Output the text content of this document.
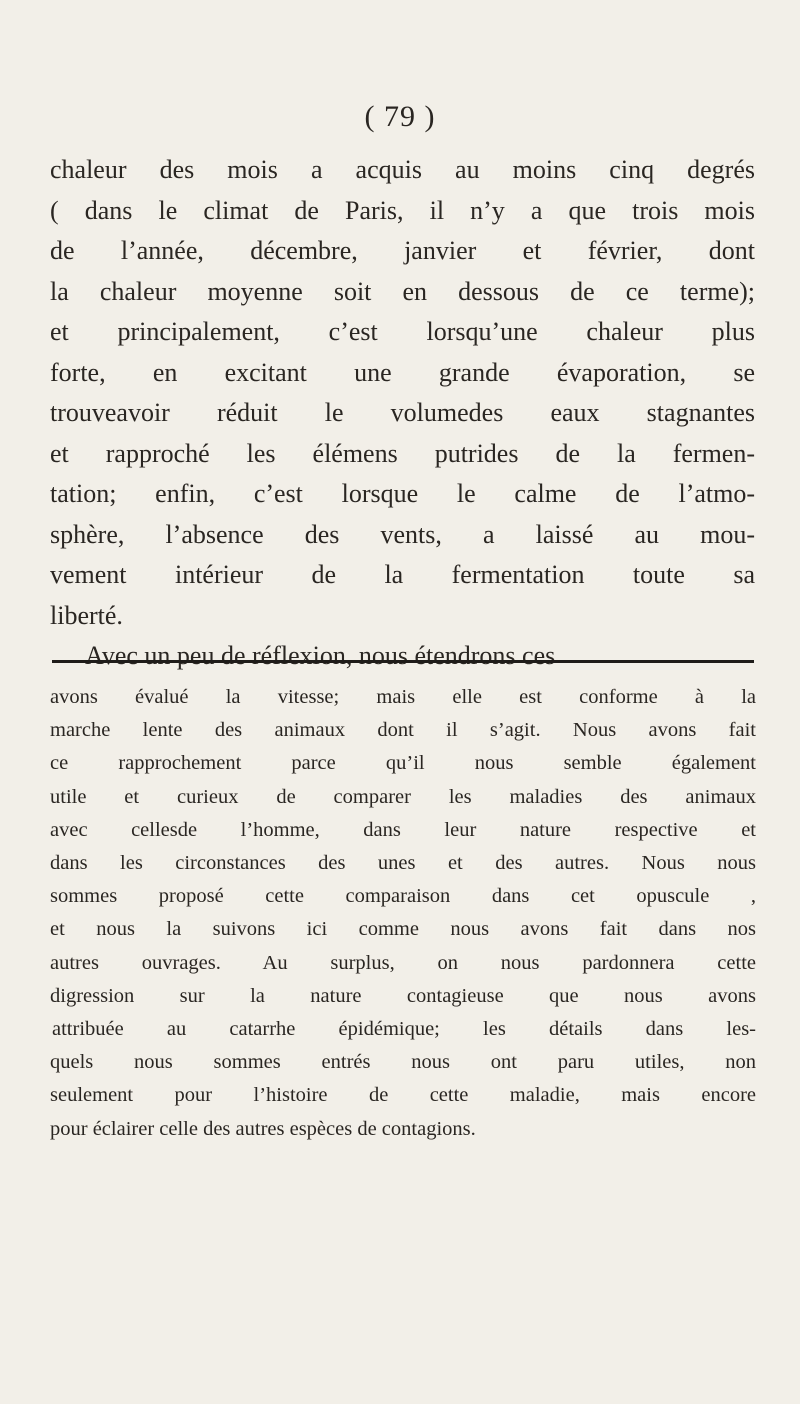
( 79 )
chaleur des mois a acquis au moins cinq degrés
( dans le climat de Paris, il n’y a que trois mois
de l’année, décembre, janvier et février, dont
la chaleur moyenne soit en dessous de ce terme);
et principalement, c’est lorsqu’une chaleur plus
forte, en excitant une grande évaporation, se
trouveavoir réduit le volumedes eaux stagnantes
et rapproché les élémens putrides de la fermen-
tation; enfin, c’est lorsque le calme de l’atmo-
sphère, l’absence des vents, a laissé au mou-
vement intérieur de la fermentation toute sa
liberté.
Avec un peu de réflexion, nous étendrons ces
avons évalué la vitesse; mais elle est conforme à la
marche lente des animaux dont il s’agit. Nous avons fait
ce rapprochement parce qu’il nous semble également
utile et curieux de comparer les maladies des animaux
avec cellesde l’homme, dans leur nature respective et
dans les circonstances des unes et des autres. Nous nous
sommes proposé cette comparaison dans cet opuscule ,
et nous la suivons ici comme nous avons fait dans nos
autres ouvrages. Au surplus, on nous pardonnera cette
digression sur la nature contagieuse que nous avons
attribuée au catarrhe épidémique; les détails dans les-
quels nous sommes entrés nous ont paru utiles, non
seulement pour l’histoire de cette maladie, mais encore
pour éclairer celle des autres espèces de contagions.
